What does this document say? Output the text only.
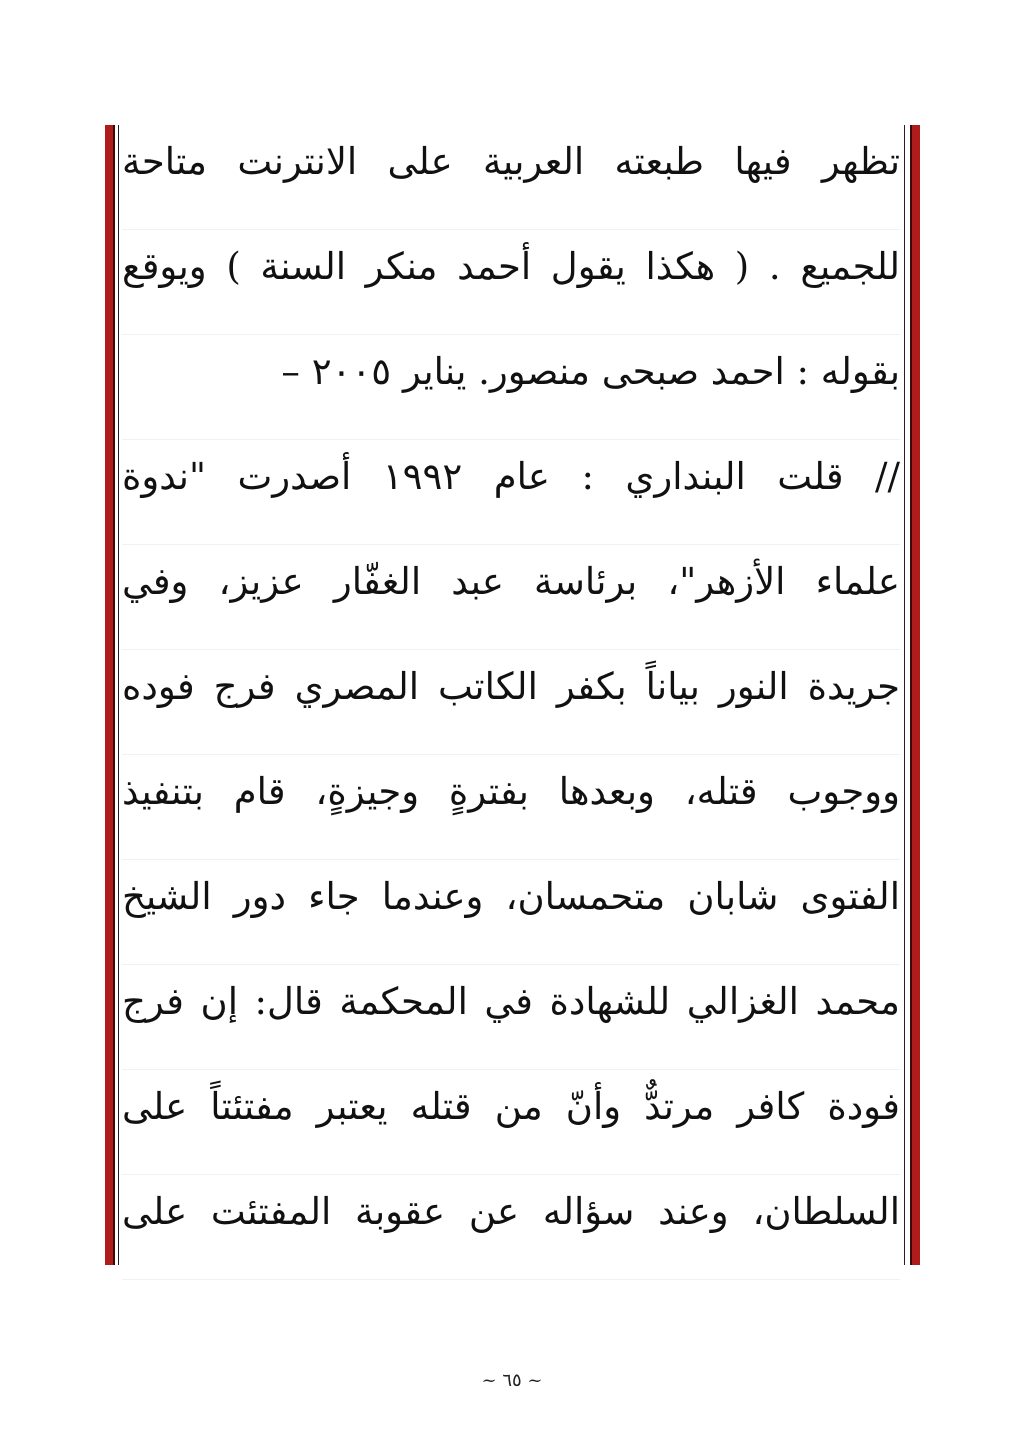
تظهر فيها طبعته العربية على الانترنت متاحة
للجميع . ( هكذا يقول أحمد منكر السنة ) ويوقع
بقوله : احمد صبحى منصور. يناير ٢٠٠٥ –
// قلت البنداري : عام ١٩٩٢ أصدرت "ندوة
علماء الأزهر"، برئاسة عبد الغفّار عزيز، وفي
جريدة النور بياناً بكفر الكاتب المصري فرج فوده
ووجوب قتله، وبعدها بفترةٍ وجيزةٍ، قام بتنفيذ
الفتوى شابان متحمسان، وعندما جاء دور الشيخ
محمد الغزالي للشهادة في المحكمة قال: إن فرج
فودة كافر مرتدٌّ وأنّ من قتله يعتبر مفتئتاً على
السلطان، وعند سؤاله عن عقوبة المفتئت على
~ ٦٥ ~
